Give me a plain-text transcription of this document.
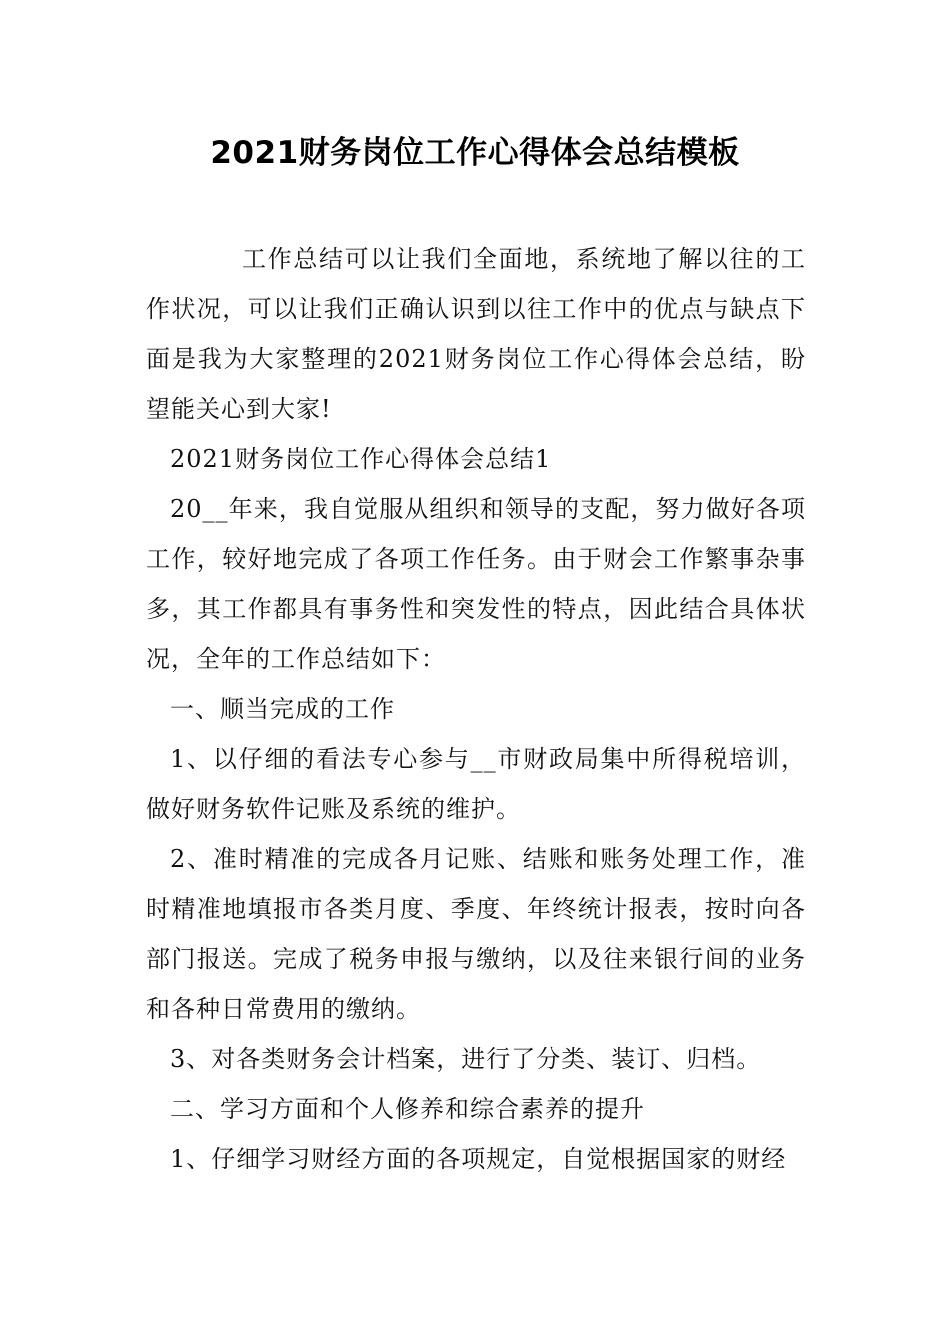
2021财务岗位工作心得体会总结模板

工作总结可以让我们全面地，系统地了解以往的工作状况，可以让我们正确认识到以往工作中的优点与缺点下面是我为大家整理的2021财务岗位工作心得体会总结，盼望能关心到大家!

2021财务岗位工作心得体会总结1

20__年来，我自觉服从组织和领导的支配，努力做好各项工作，较好地完成了各项工作任务。由于财会工作繁事杂事多，其工作都具有事务性和突发性的特点，因此结合具体状况，全年的工作总结如下：

一、顺当完成的工作

1、以仔细的看法专心参与__市财政局集中所得税培训，做好财务软件记账及系统的维护。

2、准时精准的完成各月记账、结账和账务处理工作，准时精准地填报市各类月度、季度、年终统计报表，按时向各部门报送。完成了税务申报与缴纳，以及往来银行间的业务和各种日常费用的缴纳。

3、对各类财务会计档案，进行了分类、装订、归档。

二、学习方面和个人修养和综合素养的提升

1、仔细学习财经方面的各项规定，自觉根据国家的财经
